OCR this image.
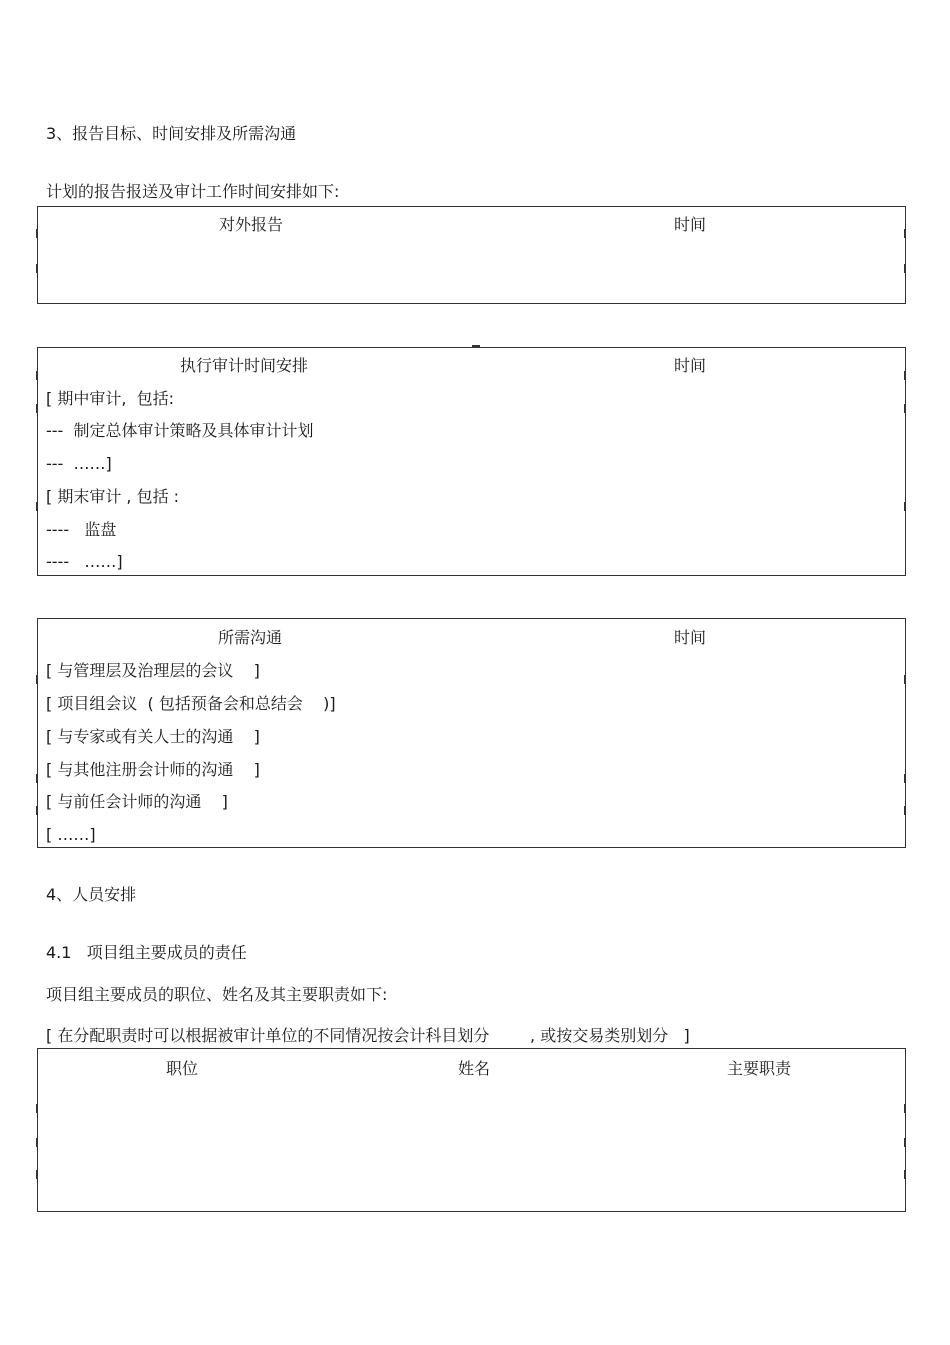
3、报告目标、时间安排及所需沟通
计划的报告报送及审计工作时间安排如下:
对外报告	时间
执行审计时间安排	时间
[ 期中审计,  包括:
---  制定总体审计策略及具体审计计划
---  ……]
[ 期末审计 , 包括 :
----   监盘
----   ……]
所需沟通	时间
[ 与管理层及治理层的会议    ]
[ 项目组会议  ( 包括预备会和总结会    )]
[ 与专家或有关人士的沟通    ]
[ 与其他注册会计师的沟通    ]
[ 与前任会计师的沟通    ]
[ ……]
4、人员安排
4.1   项目组主要成员的责任
项目组主要成员的职位、姓名及其主要职责如下:
[ 在分配职责时可以根据被审计单位的不同情况按会计科目划分        , 或按交易类别划分   ]
职位	姓名	主要职责
